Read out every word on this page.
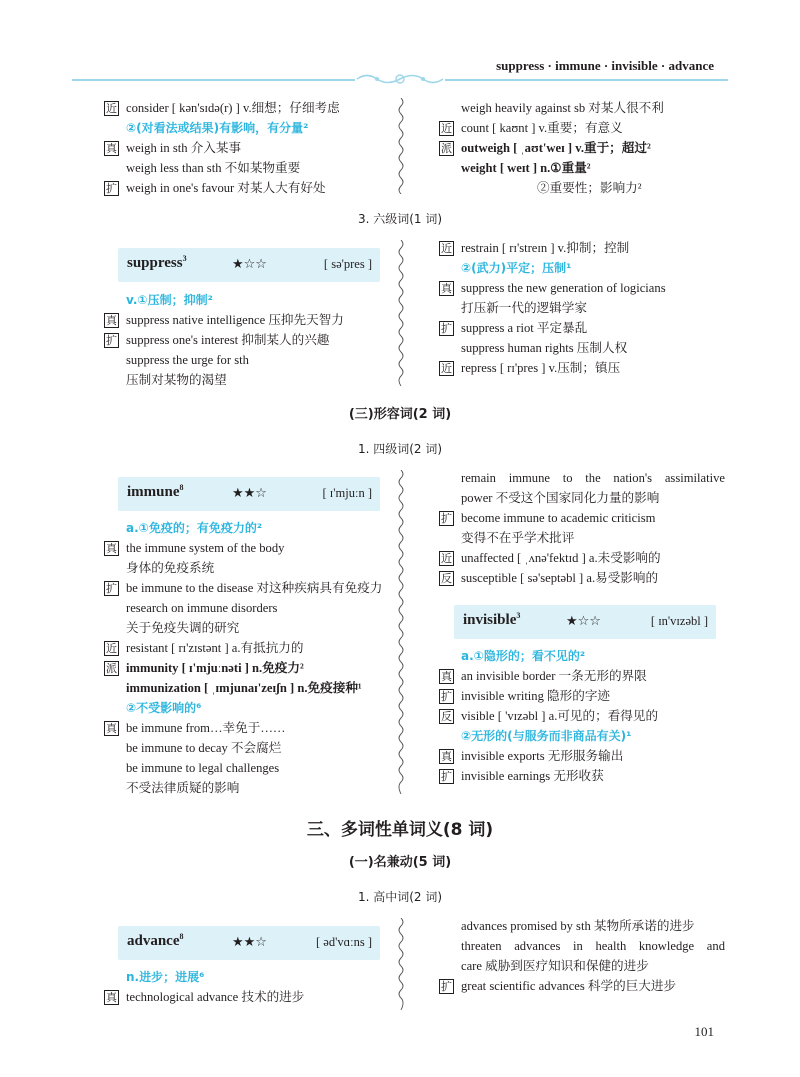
suppress · immune · invisible · advance
近 consider [ kən'sɪdə(r) ] v.细想；仔细考虑
②(对看法或结果)有影响，有分量²
真 weigh in sth 介入某事
weigh less than sth 不如某物重要
扩 weigh in one's favour 对某人大有好处
weigh heavily against sb 对某人很不利
近 count [ kaʊnt ] v.重要；有意义
派 outweigh [ ˌaʊt'weɪ ] v.重于；超过²
weight [ weɪt ] n.①重量²
②重要性；影响力²
3. 六级词(1 词)
suppress$^3$	★☆☆	[ sə'pres ]
v.①压制；抑制²
真 suppress native intelligence 压抑先天智力
扩 suppress one's interest 抑制某人的兴趣
suppress the urge for sth
压制对某物的渴望
近 restrain [ rɪ'streɪn ] v.抑制；控制
②(武力)平定；压制¹
真 suppress the new generation of logicians
打压新一代的逻辑学家
扩 suppress a riot 平定暴乱
suppress human rights 压制人权
近 repress [ rɪ'pres ] v.压制；镇压
(三)形容词(2 词)
1. 四级词(2 词)
immune$^8$	★★☆	[ ɪ'mjuːn ]
a.①免疫的；有免疫力的²
真 the immune system of the body
身体的免疫系统
扩 be immune to the disease 对这种疾病具有免疫力
research on immune disorders
关于免疫失调的研究
近 resistant [ rɪ'zɪstənt ] a.有抵抗力的
派 immunity [ ɪ'mjuːnəti ] n.免疫力²
immunization [ ˌɪmjunaɪ'zeɪʃn ] n.免疫接种¹
②不受影响的⁶
真 be immune from…幸免于……
be immune to decay 不会腐烂
be immune to legal challenges
不受法律质疑的影响
remain immune to the nation's assimilative
power 不受这个国家同化力量的影响
扩 become immune to academic criticism
变得不在乎学术批评
近 unaffected [ ˌʌnə'fektɪd ] a.未受影响的
反 susceptible [ sə'septəbl ] a.易受影响的
invisible$^3$	★☆☆	[ ɪn'vɪzəbl ]
a.①隐形的；看不见的²
真 an invisible border 一条无形的界限
扩 invisible writing 隐形的字迹
反 visible [ 'vɪzəbl ] a.可见的；看得见的
②无形的(与服务而非商品有关)¹
真 invisible exports 无形服务输出
扩 invisible earnings 无形收获
三、多词性单词义(8 词)
(一)名兼动(5 词)
1. 高中词(2 词)
advance$^8$	★★☆	[ əd'vɑːns ]
n.进步；进展⁶
真 technological advance 技术的进步
advances promised by sth 某物所承诺的进步
threaten advances in health knowledge and
care 威胁到医疗知识和保健的进步
扩 great scientific advances 科学的巨大进步
101
